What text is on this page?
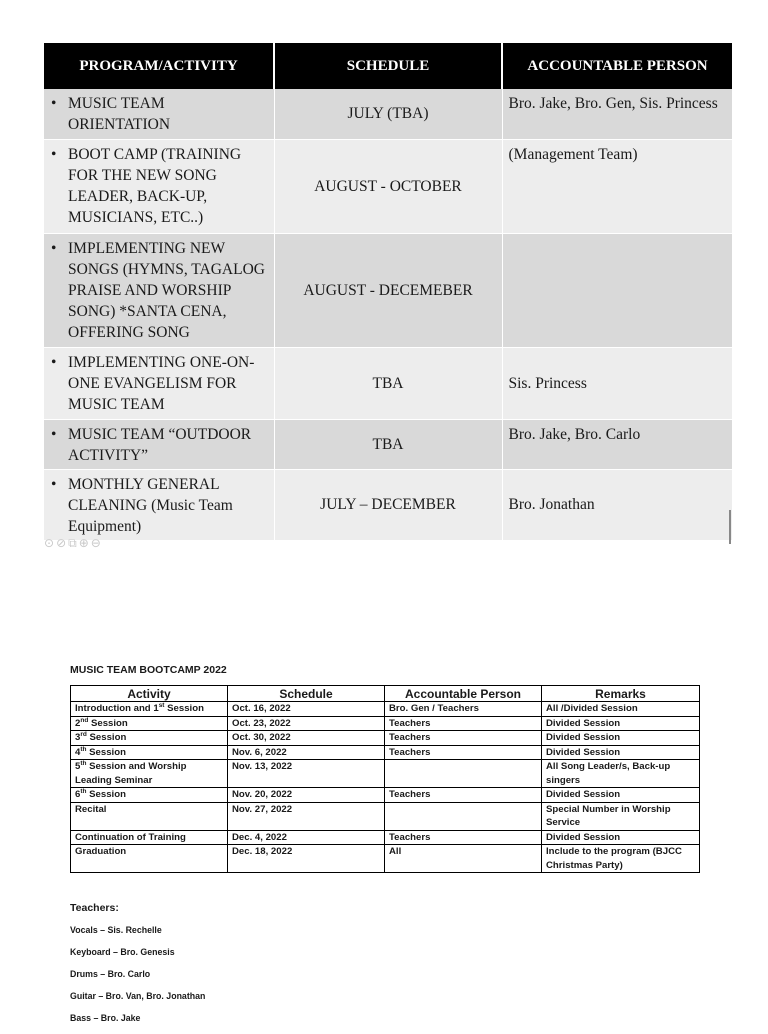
PROGRAM/ACTIVITY	SCHEDULE	ACCOUNTABLE PERSON

• MUSIC TEAM ORIENTATION	JULY (TBA)	Bro. Jake, Bro. Gen, Sis. Princess

• BOOT CAMP (TRAINING FOR THE NEW SONG LEADER, BACK-UP, MUSICIANS, ETC..)	AUGUST - OCTOBER	(Management Team)

• IMPLEMENTING NEW SONGS (HYMNS, TAGALOG PRAISE AND WORSHIP SONG) *SANTA CENA, OFFERING SONG	AUGUST - DECEMEBER	

• IMPLEMENTING ONE-ON-ONE EVANGELISM FOR MUSIC TEAM	TBA	Sis. Princess

• MUSIC TEAM “OUTDOOR ACTIVITY”	TBA	Bro. Jake, Bro. Carlo

• MONTHLY GENERAL CLEANING (Music Team Equipment)	JULY – DECEMBER	Bro. Jonathan
⊙⊘⧉⊕⊖
MUSIC TEAM BOOTCAMP 2022
Activity	Schedule	Accountable Person	Remarks
Introduction and 1st Session	Oct. 16, 2022	Bro. Gen / Teachers	All /Divided Session
2nd Session	Oct. 23, 2022	Teachers	Divided Session
3rd Session	Oct. 30, 2022	Teachers	Divided Session
4th Session	Nov. 6, 2022	Teachers	Divided Session
5th Session and Worship Leading Seminar	Nov. 13, 2022		All Song Leader/s, Back-up singers
6th Session	Nov. 20, 2022	Teachers	Divided Session
Recital	Nov. 27, 2022		Special Number in Worship Service
Continuation of Training	Dec. 4, 2022	Teachers	Divided Session
Graduation	Dec. 18, 2022	All	Include to the program (BJCC Christmas Party)
Teachers:
Vocals – Sis. Rechelle
Keyboard – Bro. Genesis
Drums – Bro. Carlo
Guitar – Bro. Van, Bro. Jonathan
Bass – Bro. Jake
